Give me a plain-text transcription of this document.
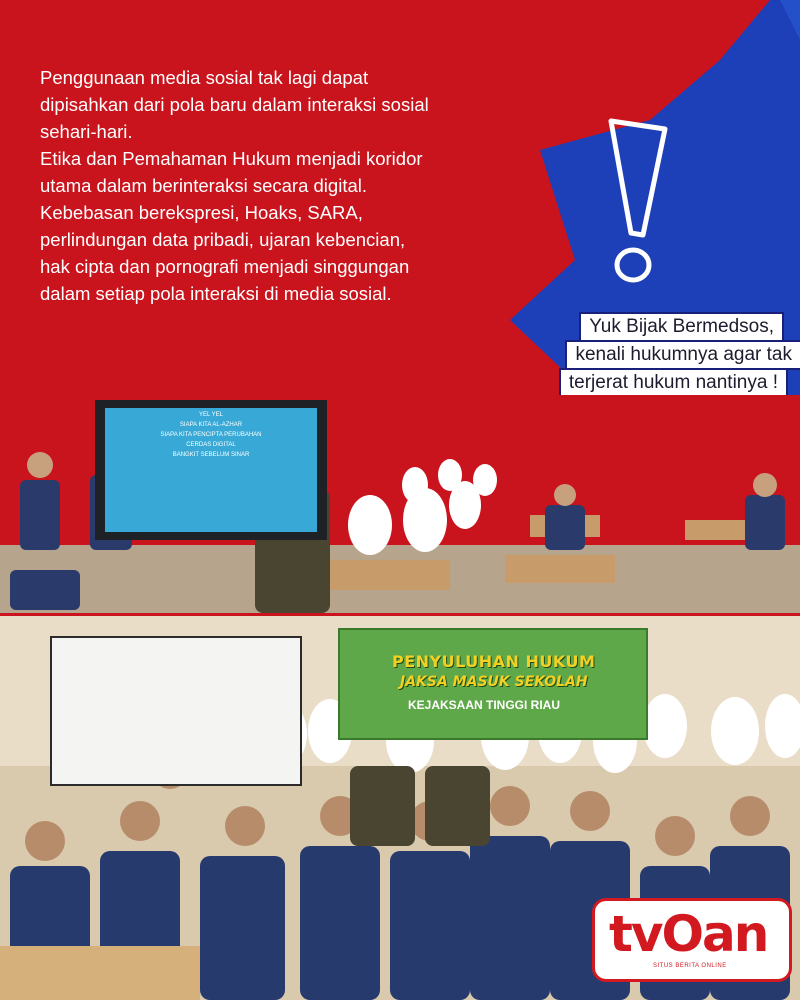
Penggunaan media sosial tak lagi dapat dipisahkan dari pola baru dalam interaksi sosial sehari-hari.

Etika dan Pemahaman Hukum menjadi koridor utama dalam berinteraksi secara digital.

Kebebasan berekspresi, Hoaks, SARA, perlindungan data pribadi, ujaran kebencian, hak cipta dan pornografi menjadi singgungan dalam setiap pola interaksi di media sosial.

Yuk Bijak Bermedsos,
kenali hukumnya agar tak
terjerat hukum nantinya !
YEL YEL
SIAPA KITA AL-AZHAR
SIAPA KITA PENCIPTA PERUBAHAN
CERDAS DIGITAL
BANGKIT SEBELUM SINAR
PENYULUHAN HUKUM
JAKSA MASUK SEKOLAH
KEJAKSAAN TINGGI RIAU
tvOan
SITUS BERITA ONLINE
